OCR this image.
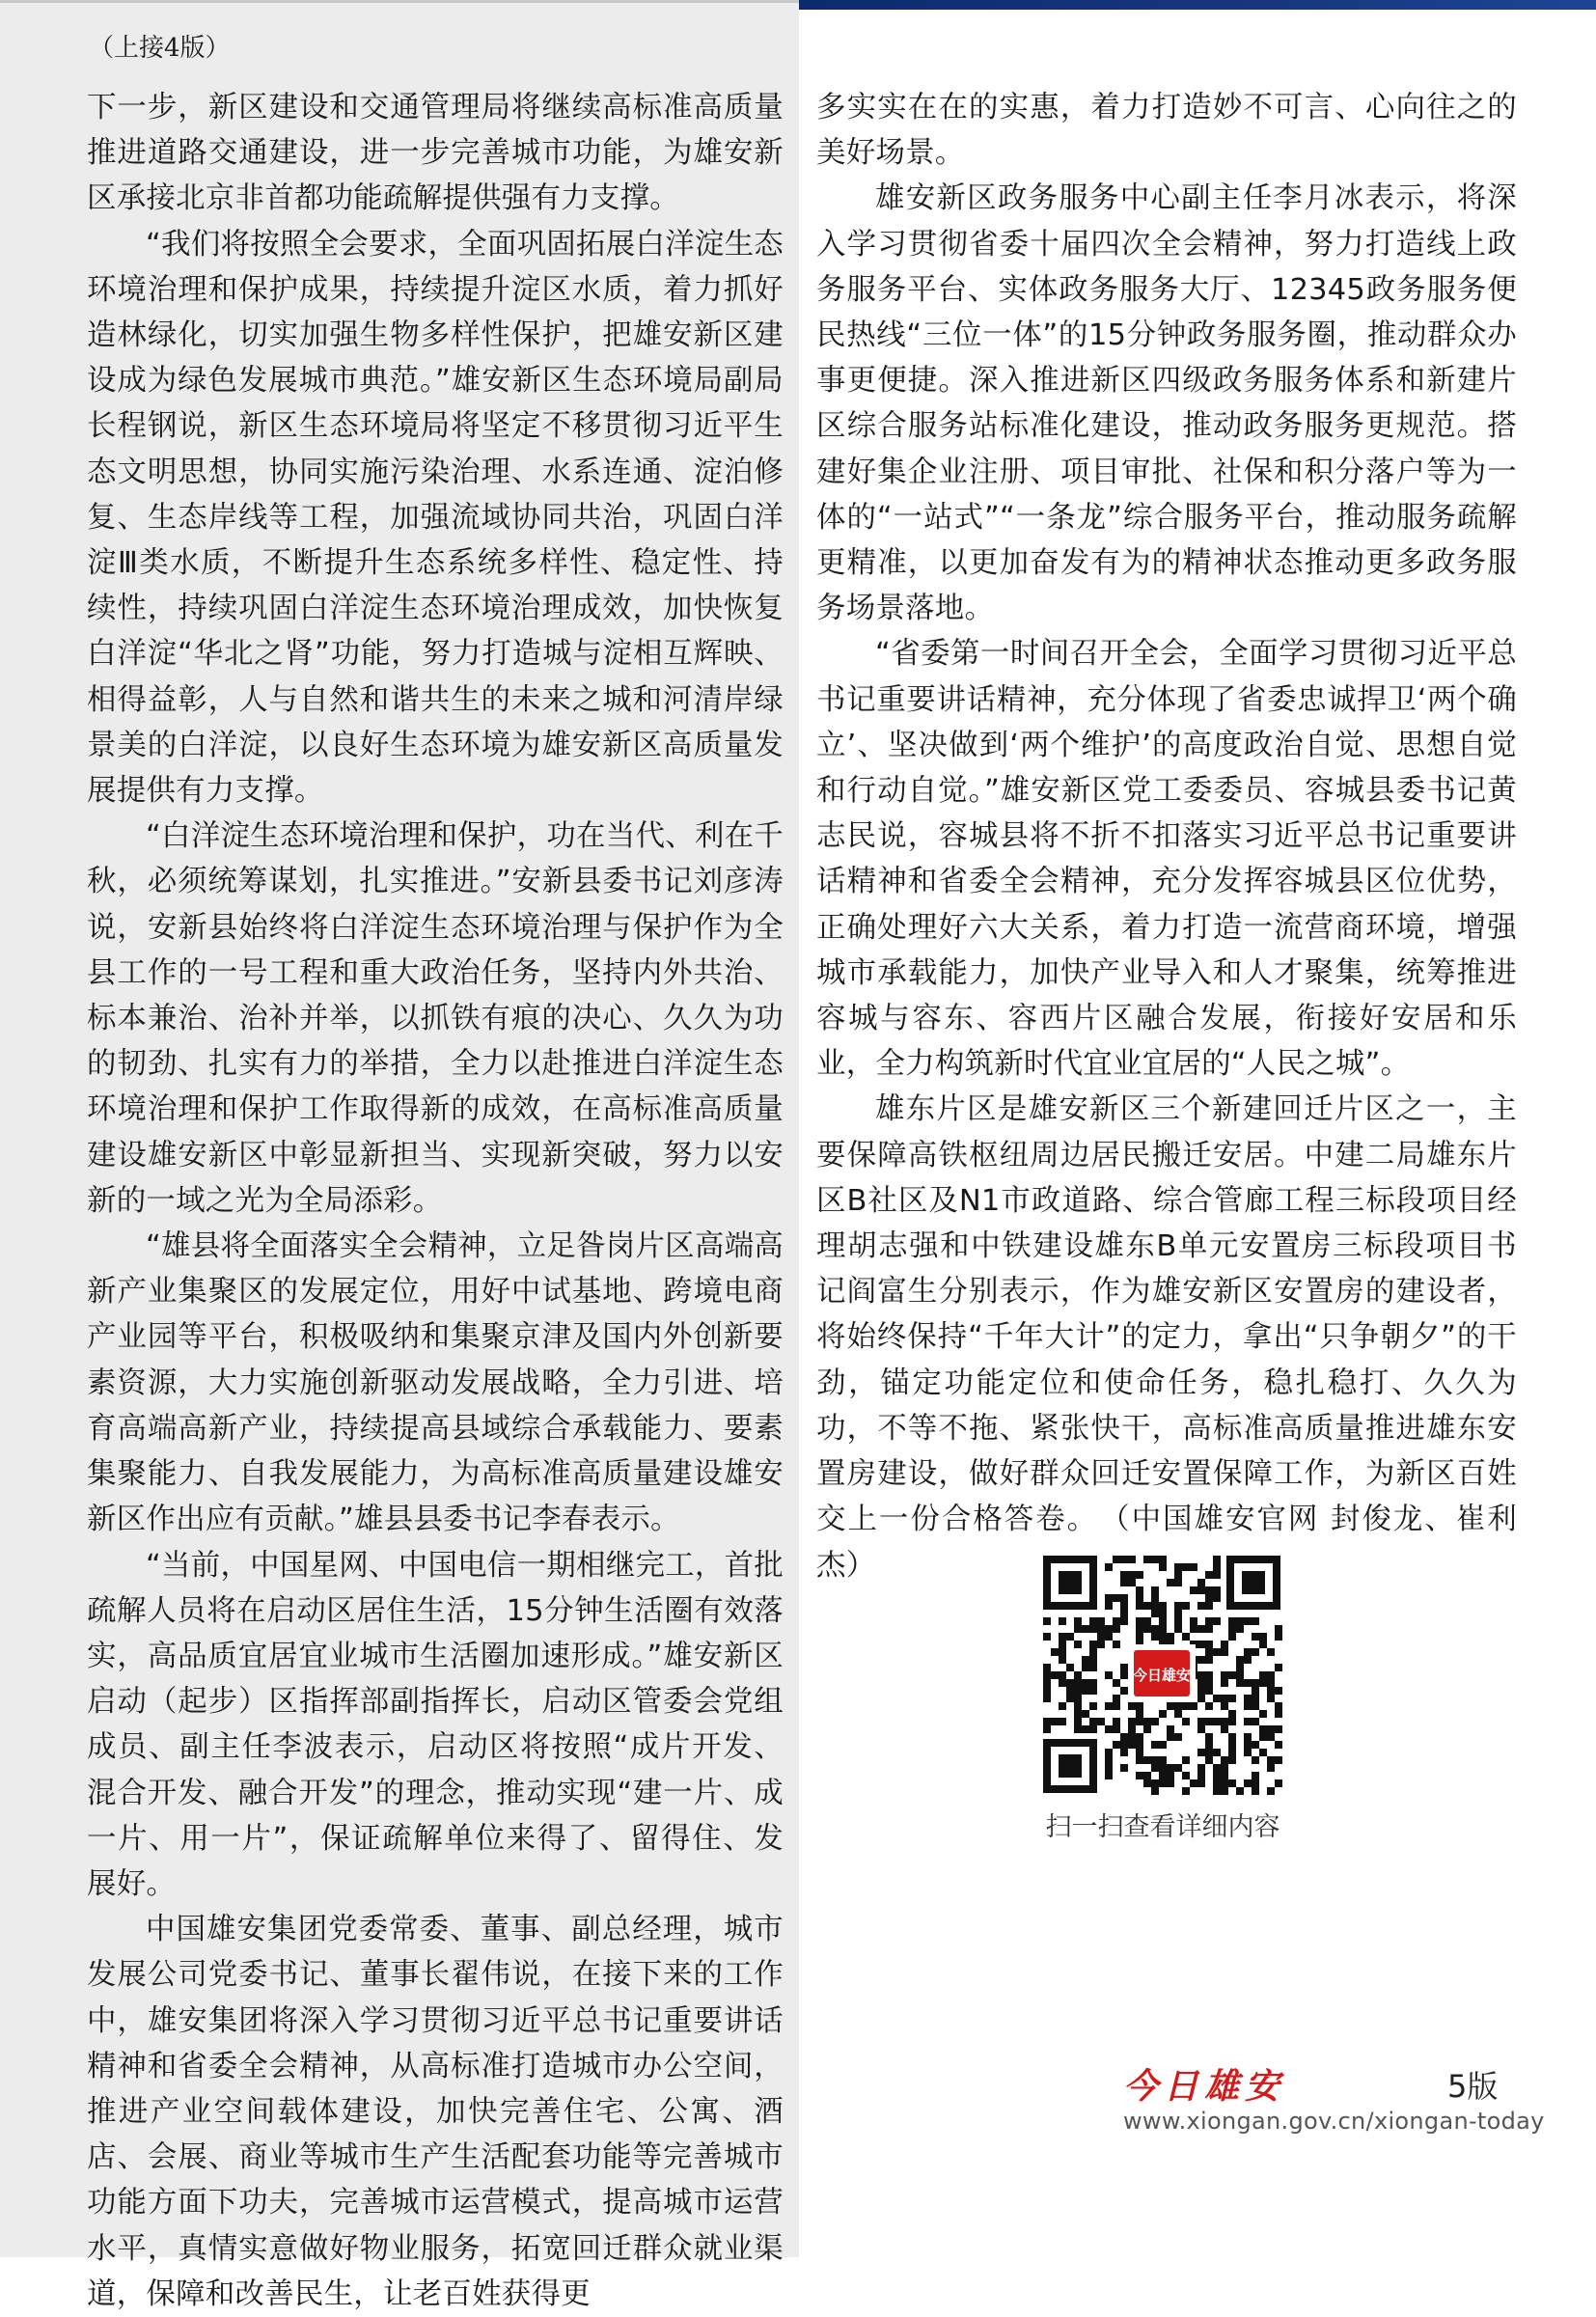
（上接4版）

下一步，新区建设和交通管理局将继续高标准高质量推进道路交通建设，进一步完善城市功能，为雄安新区承接北京非首都功能疏解提供强有力支撑。

“我们将按照全会要求，全面巩固拓展白洋淀生态环境治理和保护成果，持续提升淀区水质，着力抓好造林绿化，切实加强生物多样性保护，把雄安新区建设成为绿色发展城市典范。”雄安新区生态环境局副局长程钢说，新区生态环境局将坚定不移贯彻习近平生态文明思想，协同实施污染治理、水系连通、淀泊修复、生态岸线等工程，加强流域协同共治，巩固白洋淀Ⅲ类水质，不断提升生态系统多样性、稳定性、持续性，持续巩固白洋淀生态环境治理成效，加快恢复白洋淀“华北之肾”功能，努力打造城与淀相互辉映、相得益彰，人与自然和谐共生的未来之城和河清岸绿景美的白洋淀，以良好生态环境为雄安新区高质量发展提供有力支撑。

“白洋淀生态环境治理和保护，功在当代、利在千秋，必须统筹谋划，扎实推进。”安新县委书记刘彦涛说，安新县始终将白洋淀生态环境治理与保护作为全县工作的一号工程和重大政治任务，坚持内外共治、标本兼治、治补并举，以抓铁有痕的决心、久久为功的韧劲、扎实有力的举措，全力以赴推进白洋淀生态环境治理和保护工作取得新的成效，在高标准高质量建设雄安新区中彰显新担当、实现新突破，努力以安新的一域之光为全局添彩。

“雄县将全面落实全会精神，立足昝岗片区高端高新产业集聚区的发展定位，用好中试基地、跨境电商产业园等平台，积极吸纳和集聚京津及国内外创新要素资源，大力实施创新驱动发展战略，全力引进、培育高端高新产业，持续提高县域综合承载能力、要素集聚能力、自我发展能力，为高标准高质量建设雄安新区作出应有贡献。”雄县县委书记李春表示。

“当前，中国星网、中国电信一期相继完工，首批疏解人员将在启动区居住生活，15分钟生活圈有效落实，高品质宜居宜业城市生活圈加速形成。”雄安新区启动（起步）区指挥部副指挥长，启动区管委会党组成员、副主任李波表示，启动区将按照“成片开发、混合开发、融合开发”的理念，推动实现“建一片、成一片、用一片”，保证疏解单位来得了、留得住、发展好。

中国雄安集团党委常委、董事、副总经理，城市发展公司党委书记、董事长翟伟说，在接下来的工作中，雄安集团将深入学习贯彻习近平总书记重要讲话精神和省委全会精神，从高标准打造城市办公空间，推进产业空间载体建设，加快完善住宅、公寓、酒店、会展、商业等城市生产生活配套功能等完善城市功能方面下功夫，完善城市运营模式，提高城市运营水平，真情实意做好物业服务，拓宽回迁群众就业渠道，保障和改善民生，让老百姓获得更

多实实在在的实惠，着力打造妙不可言、心向往之的美好场景。

雄安新区政务服务中心副主任李月冰表示，将深入学习贯彻省委十届四次全会精神，努力打造线上政务服务平台、实体政务服务大厅、12345政务服务便民热线“三位一体”的15分钟政务服务圈，推动群众办事更便捷。深入推进新区四级政务服务体系和新建片区综合服务站标准化建设，推动政务服务更规范。搭建好集企业注册、项目审批、社保和积分落户等为一体的“一站式”“一条龙”综合服务平台，推动服务疏解更精准，以更加奋发有为的精神状态推动更多政务服务场景落地。

“省委第一时间召开全会，全面学习贯彻习近平总书记重要讲话精神，充分体现了省委忠诚捍卫‘两个确立’、坚决做到‘两个维护’的高度政治自觉、思想自觉和行动自觉。”雄安新区党工委委员、容城县委书记黄志民说，容城县将不折不扣落实习近平总书记重要讲话精神和省委全会精神，充分发挥容城县区位优势，正确处理好六大关系，着力打造一流营商环境，增强城市承载能力，加快产业导入和人才聚集，统筹推进容城与容东、容西片区融合发展，衔接好安居和乐业，全力构筑新时代宜业宜居的“人民之城”。

雄东片区是雄安新区三个新建回迁片区之一，主要保障高铁枢纽周边居民搬迁安居。中建二局雄东片区B社区及N1市政道路、综合管廊工程三标段项目经理胡志强和中铁建设雄东B单元安置房三标段项目书记阎富生分别表示，作为雄安新区安置房的建设者，将始终保持“千年大计”的定力，拿出“只争朝夕”的干劲，锚定功能定位和使命任务，稳扎稳打、久久为功，不等不拖、紧张快干，高标准高质量推进雄东安置房建设，做好群众回迁安置保障工作，为新区百姓交上一份合格答卷。　（中国雄安官网 封俊龙、崔利杰）

今日雄安
扫一扫查看详细内容
今日雄安	5版
www.xiongan.gov.cn/xiongan-today
